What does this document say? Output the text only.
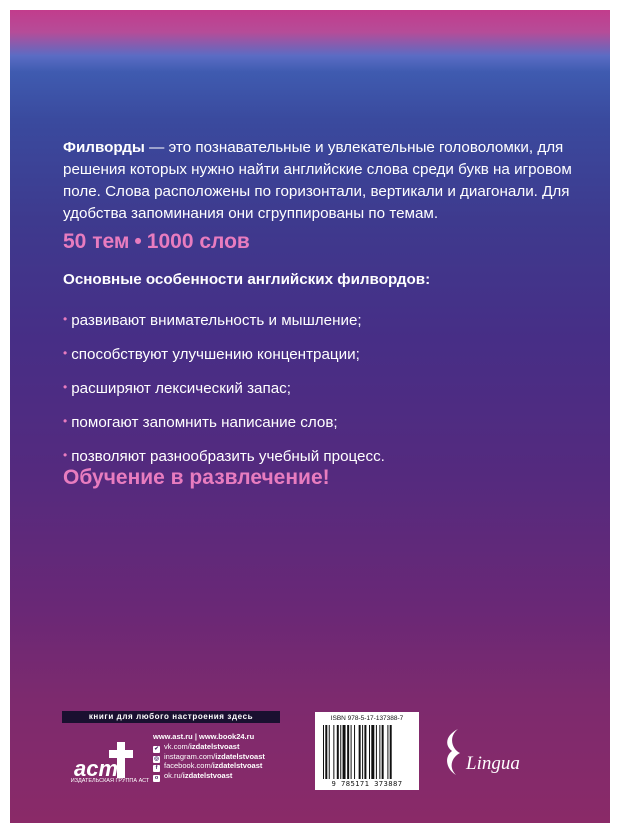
Филворды — это познавательные и увлекательные головоломки, для решения которых нужно найти английские слова среди букв на игровом поле. Слова расположены по горизонтали, вертикали и диагонали. Для удобства запоминания они сгруппированы по темам.

50 тем • 1000 слов
Основные особенности английских филвордов:
• развивают внимательность и мышление;
• способствуют улучшению концентрации;
• расширяют лексический запас;
• помогают запомнить написание слов;
• позволяют разнообразить учебный процесс.
Обучение в развлечение!
книги для любого настроения здесь
аст
ИЗДАТЕЛЬСКАЯ ГРУППА АСТ
www.ast.ru | www.book24.ru
✔ vk.com/izdatelstvoast
◎ instagram.com/izdatelstvoast
f facebook.com/izdatelstvoast
о ok.ru/izdatelstvoast
ISBN 978-5-17-137388-7
9 785171 373887
Lingua
